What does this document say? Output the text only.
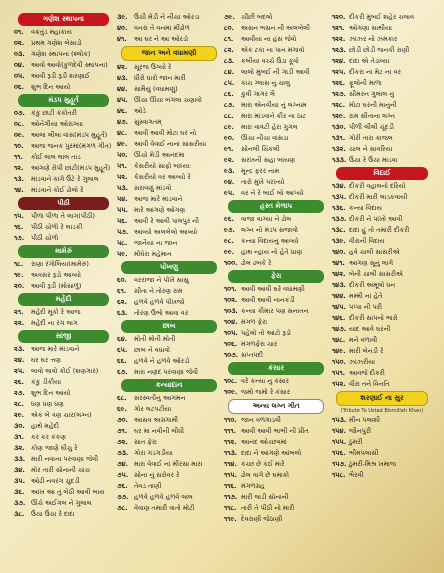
ગણેશ સ્થાપના
૦૧. વક્રતુંડ મહાકાય
૦૨. પ્રથમ ગણેશ બેસાડો
૦૩. ગણેશ સ્થાપના (શ્લોક)
૦૪. આવો આવો(કુળદેવી સ્થાપના)
૦૫. આવી રૂડી રૂડી શરણાઈ
૦૬. શુભ દિન આયો
મંડપ મુહૂર્ત
૦૭. કંકુ છાંટી કંકોતરી
૦૮. ઓનેગીયા ઓરાગ્યા
૦૯. આલા લીલા વાંસ(મંડપ મુહૂર્ત)
૧૦. આજ જનક પુરમાં(મંગળ ગીત)
૧૧. કોઈ લાલ લાલ તાડ
૧૨. આંગણે રોપી છાંટી(મંડપ મુહૂર્ત)
૧૩. માંડવાને કાગે ઉંટે રે ગુલાલ
૧૪. માંડવાને કોઈ ઢોલો રે
પીઠી
૧૫. પીળા પીળા તે લાગ(પીઠી)
૧૬. પીઠી ચોળો રે લાડકી
૧૭. પીઠી ચોળો
મામેરું
૧૮. રાણા રંગોલિયા(મામેરું)
૧૯. અવસર રૂડો આવ્યો
૨૦. આવી રૂડી (મોસાળું)
મહેંદી
૨૧. મહેંદી મૂકો રે આજ
૨૨. મહેંદી ના રંગ લાગ
સાંજી
૨૩. આજ મારે માંડવાને
૨૪. ઘર ઘર ત્તણ
૨૫. લાવો લાવો કોઈ (શણગાર)
૨૬. કંકુ ડીકીયા
૨૭. શુભ દિન આયો
૨૮. ધણ ધણ ધણ
૨૯. એક બે ત્રણ ચાર(લગ્ન)
૩૦. હાથે મહેંદી
૩૧. કર કર કંકણ
૩૨. કોણ જાણે ઘીચુ રે
૩૩. મારી નવાના પરવાણા જેવી
૩૪. મોર તારી સોનાની ચાંચ
૩૫. ઓઢી નવરંગ ચુંદડી
૩૬. આંખ આ તું બેઠી આવી બાય
૩૭. ઊંચે અઈગલ ને ગુલાલ
૩૮. ઉંચા ઉંચા રે દાદા
૩૯. ઉંચી મેડી ને નીચા ઓરડા
૪૦. વનરા તે વનમાં મીંઢોળ
૪૧. આ ઘર ને આ ઓરડો
જાન અને વધામણી
૪૨. સૂરજ ઉગ્યો રે
૪૩. ધીરો ધારો જાન મારી
૪૪. સામૈયું (વધામણું)
૪૫. ઊંચા ઊંચા બંગલા ચણાવો
૪૬. ઓડે
૪૭. સુસ્વાગતમ્
૪૮. આવી આવી મોટા ઘર નો
૪૯. આવી વેવાઈ નાના સાંસરીયા
૫૦. ઊંચો મેડી આનંદમા
૫૧. કેસરીયો સાફો બાંધ્યાઃ
૫૨. કેસરીયો વર આવ્યો રે
૫૩. સરાવણું માંડવો
૫૪. આજ મારે માંડવાને
૫૫. મારે આંગણે ઓગણ
૫૬. આવી રે આવી પાલપુર ની
૫૭. આવ્યો અલબેલો આવ્યો
૫૮. જાનૈયા ના જાન
૫૯. મોંઘેરા મહેમાન
પોંખણુ
૬૦. વરરાજા ને પોંખે સાસુ
૬૧. સીતા ને તોરણ રામ
૬૨. હળવે હળવે પોંખજો
૬૩. તોરણ ઉભો આવા વર
છાબ
૬૪. મોતી મોતી મોતી
૬૫. છાબ ને વધાવો
૬૬. હળવે ને હળવે ઓરડો
૬૭. મારા નણંદ પરવાણા જેવી
કન્યાદાન
૬૮. સરસ્વતીનું આગમન
૬૯. ગોર લટપટીયા
૭૦. આસવ અગ્રગામી
૭૧. ઘર મા નવીની લીધી
૭૨. સાત ફેરા
૭૩. ગોરા ગડગડીયા
૭૪. મારા વેવાઈ નાં મીરસા મારા
૭૫. સોના નું સરોવર રે
૭૬. તેવડ તાણી
૭૭. હળવે હળવે હળવે લાલ
૭૮. વેવાણ તમારી વાતો મોટી
૭૯. ચીંછી બદલો
૮૦. અસન ભસન ની અલબેલી
૮૧. આવીયા ના હંસ જેવો
૮૨. એક ટકા ના પાન મંગાવો
૮૩. કબીયા વચ્ચે ઉંડા કૂવો
૮૪. લાલો મુંબઈ ની ગાડી આવી
૮૫. કાચ ગ્લાસ નુ ચાલુ
૮૬. કુવી ગાગર લૈ
૮૭. મારા એનવીયા નું લગ્નામ
૮૮. મારા માંડવાને કીર ના ઠાટ
૮૯. મારા વાવંટી હેરા ગુગલ
૯૦. ઊંચા નીચા વાંસડા
૯૧. સોનલી ચિંકલી
૯૨. સરખની સહા બાયણ
૯૩. મૂન્દ્ર ફરર નામ
૯૪. તારો મુખે પરખ્યો
૯૫. વર ને રે બાઈ બો આપ્યો
હસ્ત મેળાપ
૯૬. વાજા વાગ્યા ને ઢોલ
૯૭. લગ્ન નો મંડપ સજાવો
૯૮. કન્યા વિદાયનું આવ્યો
૯૯. હાથ ન્હાય નો હેતે પ્રાણ
૧૦૦. ઢોલ ઢબકે રે
ફેરા
૧૦૧. આવી આવી ઘરે વધામણી
૧૦૨. આવી આવી નાનકડી
૧૦૩. કન્યા કૌમાર પણ સનાતન
૧૦૪. મંગળ ફેરા
૧૦૫. પહેલો તો આંટો રૂડો
૧૦૬. મંગળફેરા ચાર
૧૦૭. સપ્તપદી
કંસાર
૧૦૮. વરે કન્યા નું કંસાર
૧૦૯. જમો જમો રે કંસાર
અન્ય લગ્ન ગીત
૧૧૦. જાન વળગાડવી
૧૧૧. આવી આવી ભાભી ની પ્રીત
૧૧૨. આનંદ ઓચ્છવમાં
૧૧૩. દાદા ને આંગણે આંબલો
૧૧૪. કચ્છ છે કઈ મારે
૧૧૫. ઢોલ વાગે છે ઘમાકો
૧૧૬. મંગળગ્રહ
૧૧૭. મારી લાડી સોનાની
૧૧૮. તારી તે પીઠી નો મારી
૧૧૯. દેવરાણી જેઠાણી
૧૨૦. દીકરી મુંબઈ શહેર ચલાવ
૧૨૧. ઓગણા સાથીયા
૧૨૨. ઝાંઝર નો ઝમકાર
૧૨૩. છોડી છોડી જનકી રાણી
૧૨૪. દાદા એ તેડાવ્યા
૧૨૫. દીકરા ના મેટ ના વર
૧૨૬. ફૂલોની માળા
૧૨૭. સીમરન ગુલાલ નું
૧૨૮. મોટા ઘરની માનુની
૧૨૯. રામ સીતાના લગ્ન
૧૩૦. પીળી લીલી ચૂંદડી
૧૩૧. ગોરી તારા કાજલ
૧૩૨. ચાલ ને સાવરિયા
૧૩૩. ઉંચા રે ઉંચા માંડવા
વિદાઈ
૧૩૪. દીકરી વહાલનો દરિયો
૧૩૫. દીકરી મારી લાડકવાયી
૧૩૬. કન્યા વિદાય
૧૩૭. દીકરી ને પાંખો આવી
૧૩૮. દાદા હું તો તમારી દીકરી
૧૩૯. વીરાની વિદાય
૧૪૦. હવે ચાલી સાસરીએ
૧૪૧. આંગણ સૂનું લાગે
૧૪૨. બેની ચાલી સાસરીએ
૧૪૩. દીકરી અમૂલો ધન
૧૪૪. મમ્મી ના હેતે
૧૪૫. પપ્પા ની પરી
૧૪૬. દીકરી સાપનો ભારો
૧૪૭. યાદ આવે ઘરની
૧૪૮. મને વળાવી
૧૪૯. મારી બેનડી રે
૧૫૦. ઝાંઝરીયા
૧૫૧. આવજે દીકરી
૧૫૨. વીરા તને વિનતિ
શરણાઈ ના સુર
(Tribute To Ustad Bismillah Khan)
૧૫૩. મીન પલાશી
૧૫૪. જૌનપુરી
૧૫૫. ઠુમરી
૧૫૬. ભીમપલાસી
૧૫૭. ઠુમરી-મિશ્ર ખમાજ
૧૫૮. ભૈરવી
